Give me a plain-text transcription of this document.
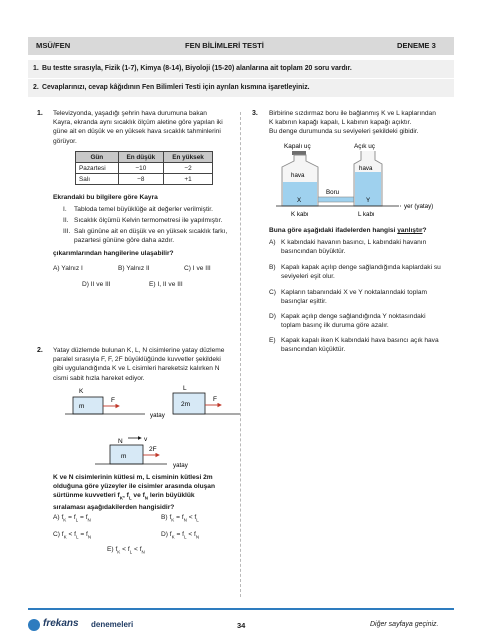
MSÜ/FEN	FEN BİLİMLERİ TESTİ	DENEME 3
1. Bu testte sırasıyla, Fizik (1-7), Kimya (8-14), Biyoloji (15-20) alanlarına ait toplam 20 soru vardır.
2. Cevaplarınızı, cevap kâğıdının Fen Bilimleri Testi için ayrılan kısmına işaretleyiniz.
1. Televizyonda, yaşadığı şehrin hava durumuna bakan
Kayra, ekranda aynı sıcaklık ölçüm aletine göre yapılan iki
güne ait en düşük ve en yüksek hava sıcaklık tahminlerini
görüyor.
Gün	En düşük	En yüksek
Pazartesi	−10	−2
Salı	−8	+1
Ekrandaki bu bilgilere göre Kayra
I. Tabloda temel büyüklüğe ait değerler verilmiştir.
II. Sıcaklık ölçümü Kelvin termometresi ile yapılmıştır.
III. Salı gününe ait en düşük ve en yüksek sıcaklık farkı,
pazartesi gününe göre daha azdır.
çıkarımlarından hangilerine ulaşabilir?
A) Yalnız I	B) Yalnız II	C) I ve III
D) II ve III	E) I, II ve III
2. Yatay düzlemde bulunan K, L, N cisimlerine yatay düzleme
paralel sırasıyla F, F, 2F büyüklüğünde kuvvetler şekildeki
gibi uygulandığında K ve L cisimleri hareketsiz kalırken N
cismi sabit hızla hareket ediyor.
K
m
F
yatay
L
2m
F
N	v
m
2F
yatay
K ve N cisimlerinin kütlesi m, L cisminin kütlesi 2m
olduğuna göre yüzeyler ile cisimler arasında oluşan
sürtünme kuvvetleri $f_K$, $f_L$ ve $f_N$ lerin büyüklük
sıralaması aşağıdakilerden hangisidir?
A) $f_K = f_L = f_N$	B) $f_K = f_N < f_L$
C) $f_K < f_L = f_N$	D) $f_K = f_L < f_N$
E) $f_K < f_L < f_N$
3. Birbirine sızdırmaz boru ile bağlanmış K ve L kaplarından
K kabının kapağı kapalı, L kabının kapağı açıktır.
Bu denge durumunda su seviyeleri şekildeki gibidir.
Kapalı uç	Açık uç
hava
X
Boru
hava
Y
yer (yatay)
K kabı	L kabı
Buna göre aşağıdaki ifadelerden hangisi yanlıştır?
A) K kabındaki havanın basıncı, L kabındaki havanın
basıncından büyüktür.
B) Kapalı kapak açılıp denge sağlandığında kaplardaki su
seviyeleri eşit olur.
C) Kapların tabanındaki X ve Y noktalarındaki toplam
basınçlar eşittir.
D) Kapak açılıp denge sağlandığında Y noktasındaki
toplam basınç ilk duruma göre azalır.
E) Kapak kapalı iken K kabındaki hava basıncı açık hava
basıncından küçüktür.
frekans denemeleri	34	Diğer sayfaya geçiniz.
